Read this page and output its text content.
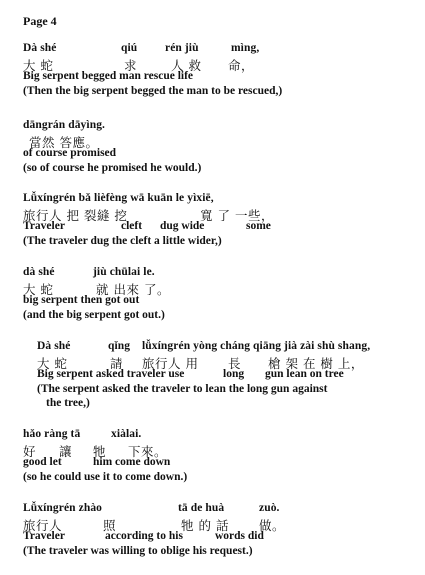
Page 4
Dà shé	qiú rén jiù	mìng,
大 蛇	求	人 救 命，
Big serpent begged man rescue life
(Then the big serpent begged the man to be rescued,)
dāngrán dāyìng.
當然 答應。
of course promised
(so of course he promised he would.)
Lǚxíngrén bǎ lièfèng wā kuān le yìxiē,
旅行人 把 裂縫 挖	寬 了 一些，
Traveler	cleft dug wide	some
(The traveler dug the cleft a little wider,)
dà shé	jiù chūlai le.
大 蛇	就 出來 了。
big serpent then got out
(and the big serpent got out.)
Dà shé	qǐng lǚxíngrén yòng cháng qiāng jià zài shù shang,
大 蛇	請 旅行人 用 長 槍 架 在 樹 上，
Big serpent asked traveler use	long gun lean on tree
(The serpent asked the traveler to lean the long gun against
the tree,)
hǎo ràng tā	xiàlai.
好 讓 牠 下來。
good let	him come down
(so he could use it to come down.)
Lǚxíngrén zhào	tā de huà	zuò.
旅行人	照	牠 的 話 做。
Traveler	according to his	words did
(The traveler was willing to oblige his request.)
